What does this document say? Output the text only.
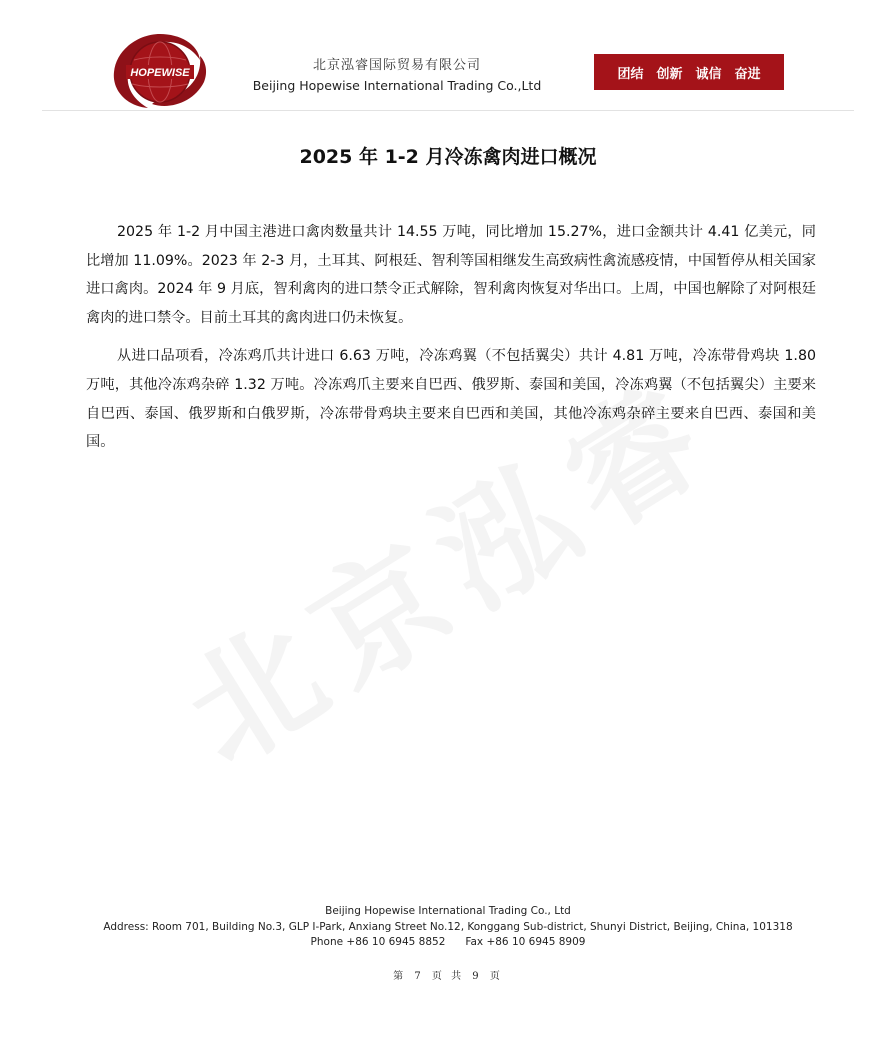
HOPEWISE	北京泓睿国际贸易有限公司
Beijing Hopewise International Trading Co.,Ltd
团结 创新 诚信 奋进
2025 年 1-2 月冷冻禽肉进口概况

2025 年 1-2 月中国主港进口禽肉数量共计 14.55 万吨，同比增加 15.27%，进口金额共计 4.41 亿美元，同比增加 11.09%。2023 年 2-3 月，土耳其、阿根廷、智利等国相继发生高致病性禽流感疫情，中国暂停从相关国家进口禽肉。2024 年 9 月底，智利禽肉的进口禁令正式解除，智利禽肉恢复对华出口。上周，中国也解除了对阿根廷禽肉的进口禁令。目前土耳其的禽肉进口仍未恢复。

从进口品项看，冷冻鸡爪共计进口 6.63 万吨，冷冻鸡翼（不包括翼尖）共计 4.81 万吨，冷冻带骨鸡块 1.80 万吨，其他冷冻鸡杂碎 1.32 万吨。冷冻鸡爪主要来自巴西、俄罗斯、泰国和美国，冷冻鸡翼（不包括翼尖）主要来自巴西、泰国、俄罗斯和白俄罗斯，冷冻带骨鸡块主要来自巴西和美国，其他冷冻鸡杂碎主要来自巴西、泰国和美国。

Beijing Hopewise International Trading Co., Ltd
Address: Room 701, Building No.3, GLP I-Park, Anxiang Street No.12, Konggang Sub-district, Shunyi District, Beijing, China, 101318
Phone +86 10 6945 8852 Fax +86 10 6945 8909
第 7 页 共 9 页
